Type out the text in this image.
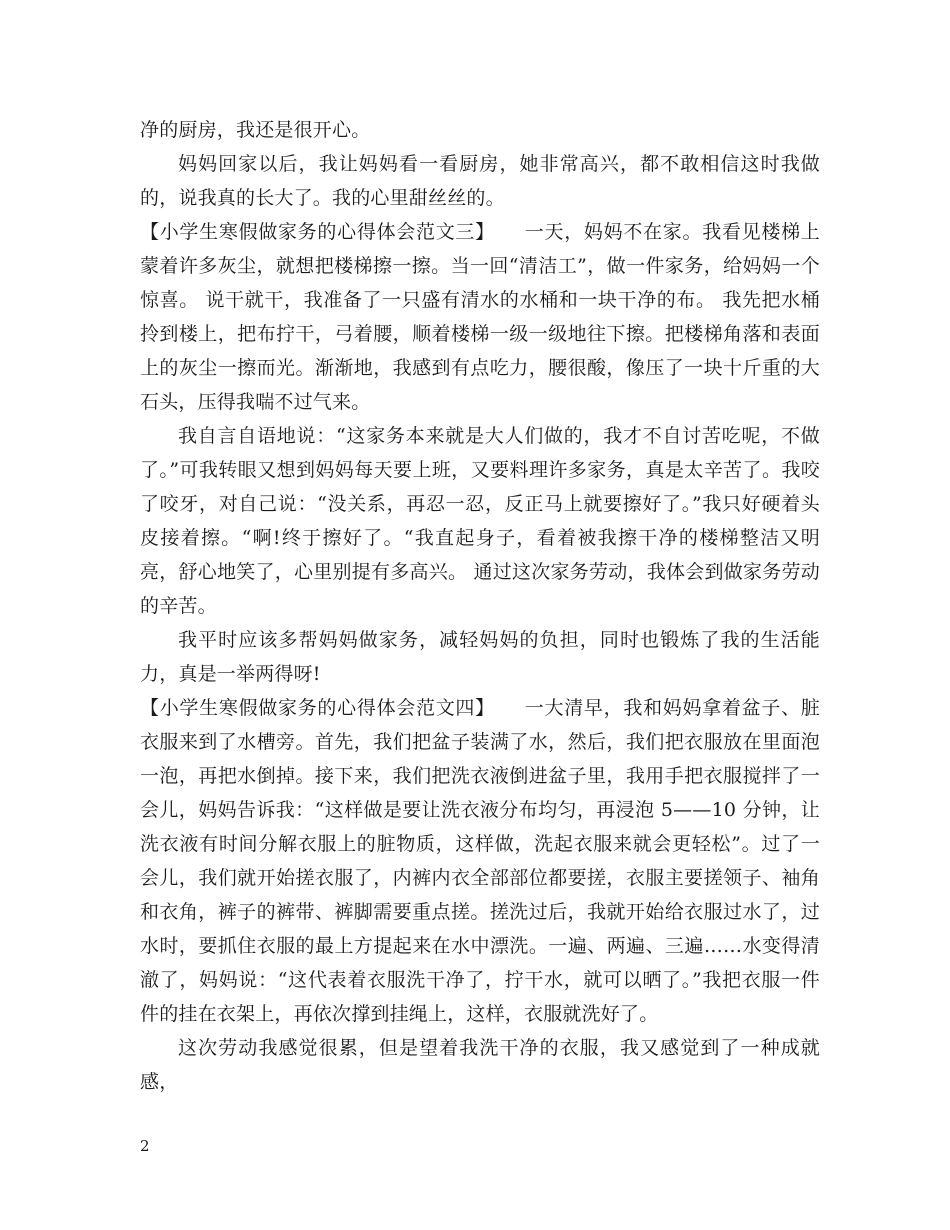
净的厨房，我还是很开心。

妈妈回家以后，我让妈妈看一看厨房，她非常高兴，都不敢相信这时我做的，说我真的长大了。我的心里甜丝丝的。

【小学生寒假做家务的心得体会范文三】　　一天，妈妈不在家。我看见楼梯上蒙着许多灰尘，就想把楼梯擦一擦。当一回“清洁工”，做一件家务，给妈妈一个惊喜。 说干就干，我准备了一只盛有清水的水桶和一块干净的布。 我先把水桶拎到楼上，把布拧干，弓着腰，顺着楼梯一级一级地往下擦。把楼梯角落和表面上的灰尘一擦而光。渐渐地，我感到有点吃力，腰很酸，像压了一块十斤重的大石头，压得我喘不过气来。

我自言自语地说：“这家务本来就是大人们做的，我才不自讨苦吃呢，不做了。”可我转眼又想到妈妈每天要上班，又要料理许多家务，真是太辛苦了。我咬了咬牙，对自己说：“没关系，再忍一忍，反正马上就要擦好了。”我只好硬着头皮接着擦。“啊!终于擦好了。“我直起身子，看着被我擦干净的楼梯整洁又明亮，舒心地笑了，心里别提有多高兴。 通过这次家务劳动，我体会到做家务劳动的辛苦。

我平时应该多帮妈妈做家务，减轻妈妈的负担，同时也锻炼了我的生活能力，真是一举两得呀!

【小学生寒假做家务的心得体会范文四】　　一大清早，我和妈妈拿着盆子、脏衣服来到了水槽旁。首先，我们把盆子装满了水，然后，我们把衣服放在里面泡一泡，再把水倒掉。接下来，我们把洗衣液倒进盆子里，我用手把衣服搅拌了一会儿，妈妈告诉我：“这样做是要让洗衣液分布均匀，再浸泡 5——10 分钟，让洗衣液有时间分解衣服上的脏物质，这样做，洗起衣服来就会更轻松”。过了一会儿，我们就开始搓衣服了，内裤内衣全部部位都要搓，衣服主要搓领子、袖角和衣角，裤子的裤带、裤脚需要重点搓。搓洗过后，我就开始给衣服过水了，过水时，要抓住衣服的最上方提起来在水中漂洗。一遍、两遍、三遍……水变得清澈了，妈妈说：“这代表着衣服洗干净了，拧干水，就可以晒了。”我把衣服一件件的挂在衣架上，再依次撑到挂绳上，这样，衣服就洗好了。

这次劳动我感觉很累，但是望着我洗干净的衣服，我又感觉到了一种成就感，

2
